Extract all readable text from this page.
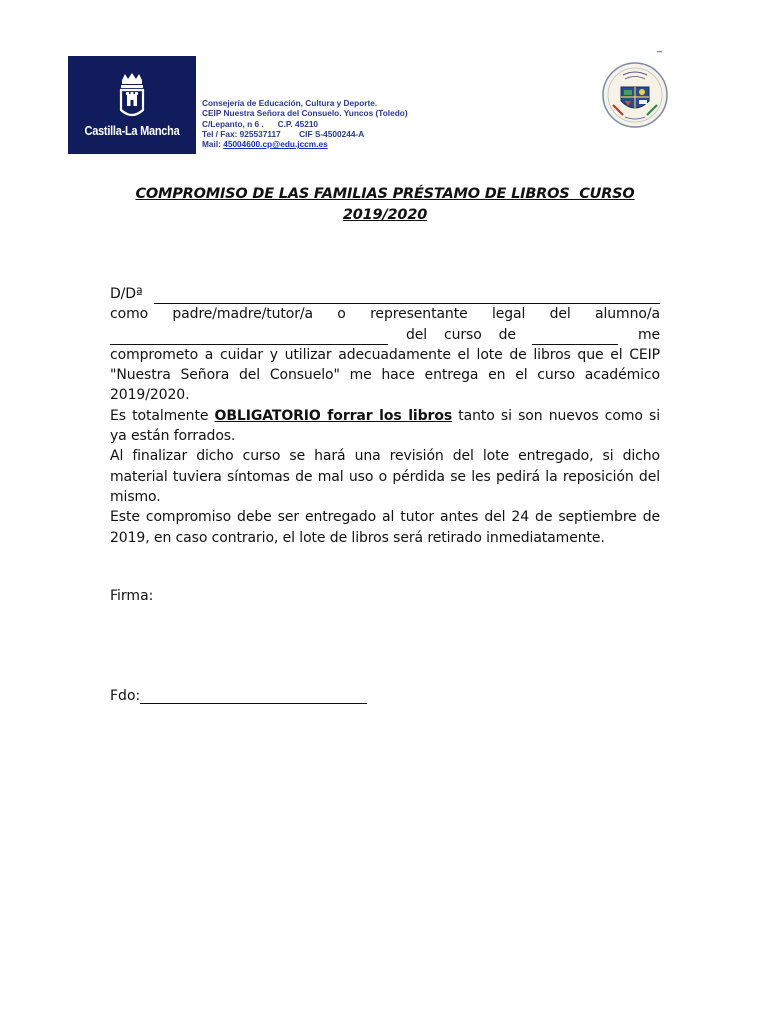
_
Castilla-La Mancha
Consejería de Educación, Cultura y Deporte.
CEIP Nuestra Señora del Consuelo. Yuncos (Toledo)
C/Lepanto, n 6 .      C.P. 45210
Tel / Fax: 925537117        CIF S-4500244-A
Mail: 45004600.cp@edu.jccm.es
COMPROMISO DE LAS FAMILIAS PRÉSTAMO DE LIBROS  CURSO
2019/2020
D/Dª
como padre/madre/tutor/a o representante legal del alumno/a
del curso de	me
comprometo a cuidar y utilizar adecuadamente el lote de libros que el CEIP "Nuestra Señora del Consuelo" me hace entrega en el curso académico 2019/2020.
Es totalmente OBLIGATORIO forrar los libros tanto si son nuevos como si ya están forrados.
Al finalizar dicho curso se hará una revisión del lote entregado, si dicho material tuviera síntomas de mal uso o pérdida se les pedirá la reposición del mismo.
Este compromiso debe ser entregado al tutor antes del 24 de septiembre de 2019, en caso contrario, el lote de libros será retirado inmediatamente.
Firma:
Fdo:
